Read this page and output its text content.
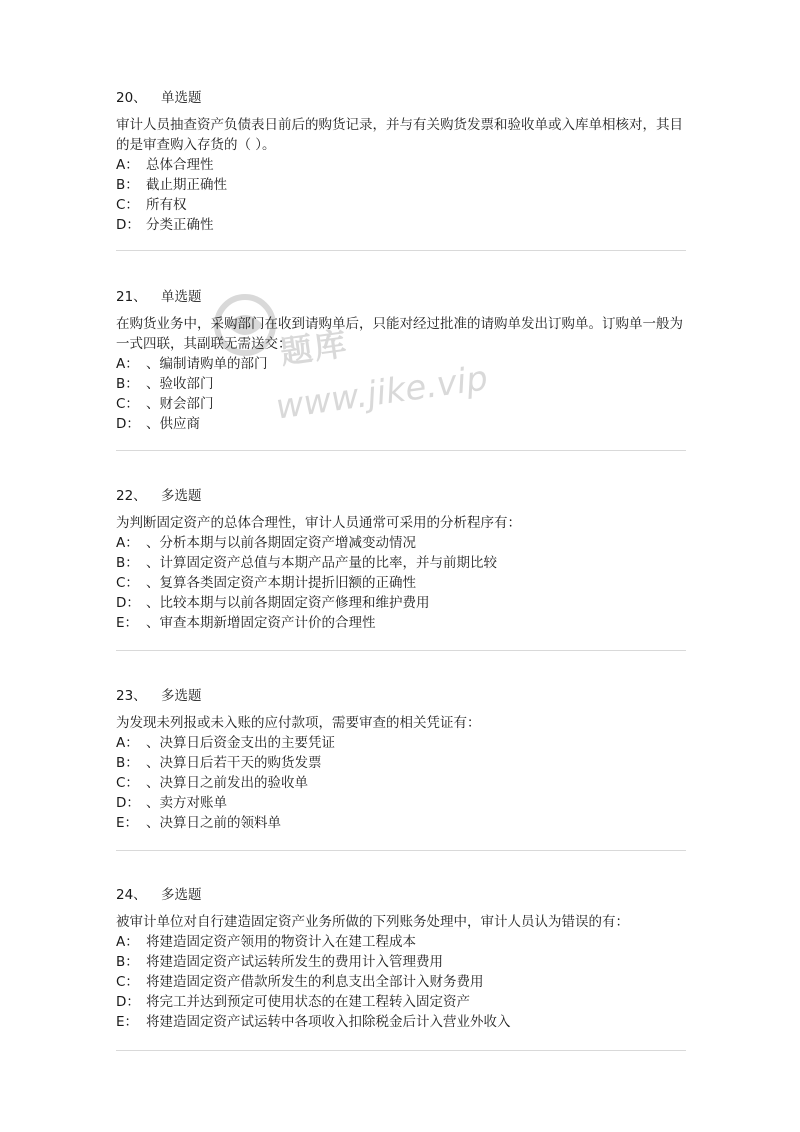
题库
www.jike.vip
20、 单选题
审计人员抽查资产负债表日前后的购货记录，并与有关购货发票和验收单或入库单相核对，其目的是审查购入存货的（ ）。
A： 总体合理性
B： 截止期正确性
C： 所有权
D： 分类正确性
21、 单选题
在购货业务中，采购部门在收到请购单后，只能对经过批准的请购单发出订购单。订购单一般为一式四联，其副联无需送交：
A： 、编制请购单的部门
B： 、验收部门
C： 、财会部门
D： 、供应商
22、 多选题
为判断固定资产的总体合理性，审计人员通常可采用的分析程序有：
A： 、分析本期与以前各期固定资产增减变动情况
B： 、计算固定资产总值与本期产品产量的比率，并与前期比较
C： 、复算各类固定资产本期计提折旧额的正确性
D： 、比较本期与以前各期固定资产修理和维护费用
E： 、审查本期新增固定资产计价的合理性
23、 多选题
为发现未列报或未入账的应付款项，需要审查的相关凭证有：
A： 、决算日后资金支出的主要凭证
B： 、决算日后若干天的购货发票
C： 、决算日之前发出的验收单
D： 、卖方对账单
E： 、决算日之前的领料单
24、 多选题
被审计单位对自行建造固定资产业务所做的下列账务处理中，审计人员认为错误的有：
A： 将建造固定资产领用的物资计入在建工程成本
B： 将建造固定资产试运转所发生的费用计入管理费用
C： 将建造固定资产借款所发生的利息支出全部计入财务费用
D： 将完工并达到预定可使用状态的在建工程转入固定资产
E： 将建造固定资产试运转中各项收入扣除税金后计入营业外收入
